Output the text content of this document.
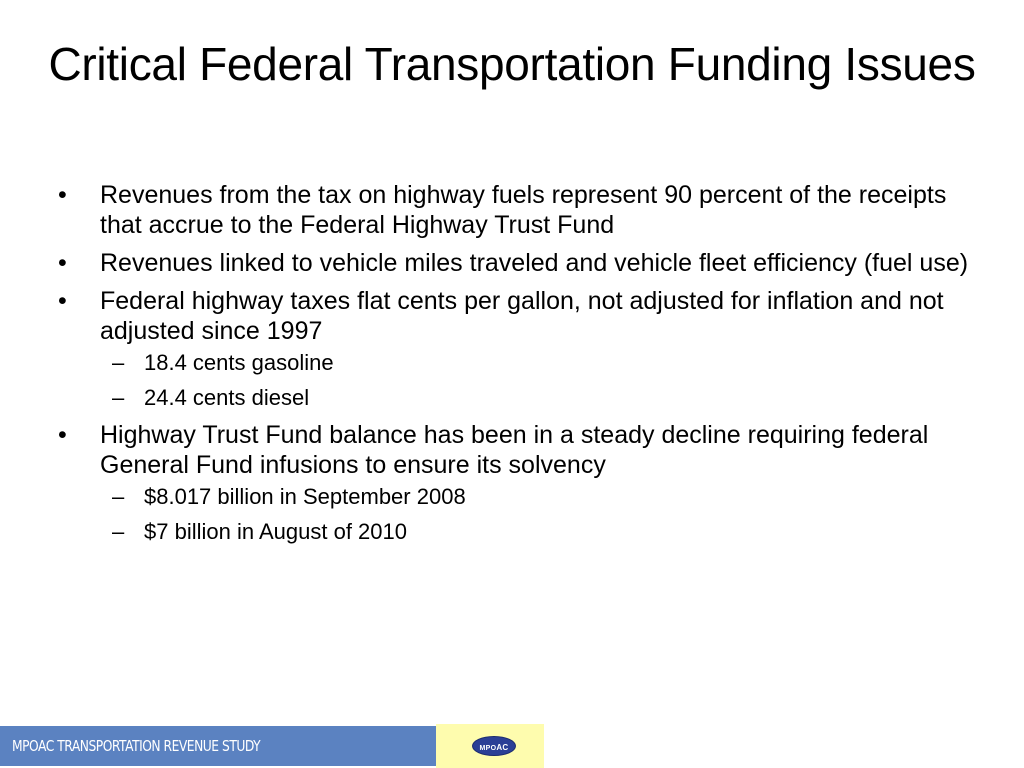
Critical Federal Transportation Funding Issues
• Revenues from the tax on highway fuels represent 90 percent of the receipts that accrue to the Federal Highway Trust Fund
• Revenues linked to vehicle miles traveled and vehicle fleet efficiency (fuel use)
• Federal highway taxes flat cents per gallon, not adjusted for inflation and not adjusted since 1997
– 18.4 cents gasoline
– 24.4 cents diesel
• Highway Trust Fund balance has been in a steady decline requiring federal General Fund infusions to ensure its solvency
– $8.017 billion in September 2008
– $7 billion in August of 2010
MPOAC TRANSPORTATION REVENUE STUDY	MPOAC
